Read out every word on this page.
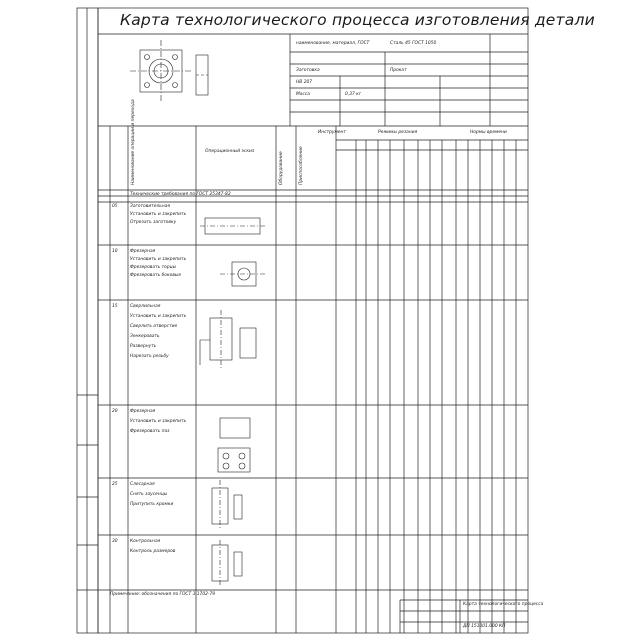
Карта технологического процесса изготовления детали
наименование, материал, ГОСТ	Сталь 45 ГОСТ 1050
Заготовка	Прокат
HB 207
Масса	0,37 кг
Наименование операции и перехода	Операционный эскиз	Оборудование	Приспособление
Инструмент	Режимы резания	Нормы времени
Технические требования по ГОСТ 25347-82
05	Заготовительная
Установить и закрепить
Отрезать заготовку
10	Фрезерная
Установить и закрепить
Фрезеровать торцы
Фрезеровать боковые
15	Сверлильная
Установить и закрепить
Сверлить отверстие
Зенкеровать
Развернуть
Нарезать резьбу
20	Фрезерная
Установить и закрепить
Фрезеровать паз
25	Слесарная
Снять заусенцы
Притупить кромки
30	Контрольная
Контроль размеров
Примечание: обозначения по ГОСТ 3.1702-79
Карта технологического процесса
ДП 151001.000 КП
